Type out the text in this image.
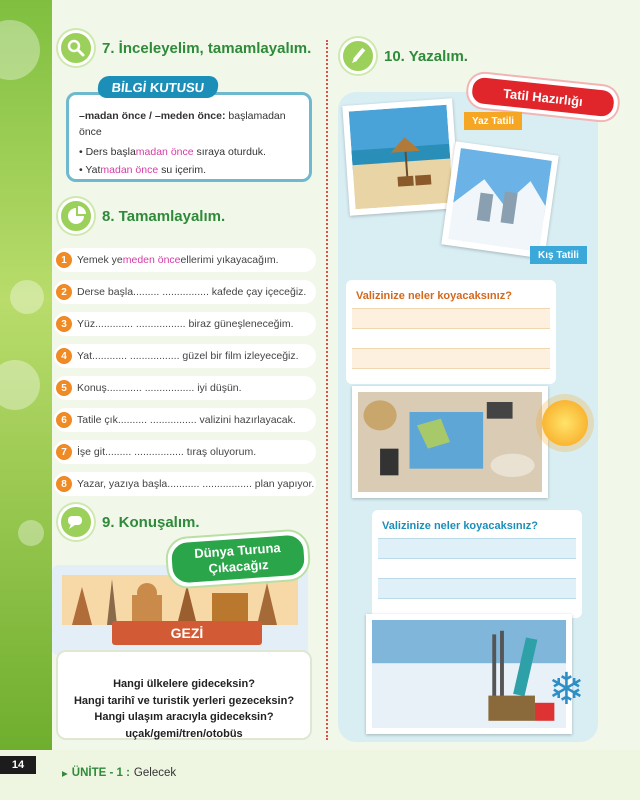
7. İnceleyelim, tamamlayalım.
–madan önce / –meden önce: başlamadan önce
• Ders başlamadan önce sıraya oturduk.
• Yatmadan önce su içerim.
BİLGİ KUTUSU
8. Tamamlayalım.
1 Yemek ye meden önce ellerimi yıkayacağım.
2 Derse başla......... ................ kafede çay içeceğiz.
3 Yüz............. ................. biraz güneşleneceğim.
4 Yat............ ................. güzel bir film izleyeceğiz.
5 Konuş............ ................. iyi düşün.
6 Tatile çık.......... ................ valizini hazırlayacak.
7 İşe git......... ................. tıraş oluyorum.
8 Yazar, yazıya başla........... ................. plan yapıyor.
9. Konuşalım.
GEZİ
Dünya Turuna Çıkacağız
Hangi ülkelere gideceksin?
Hangi tarihî ve turistik yerleri gezeceksin?
Hangi ulaşım aracıyla gideceksin?
uçak/gemi/tren/otobüs
10. Yazalım.
Tatil Hazırlığı
Yaz Tatili
Kış Tatili
Valizinize neler koyacaksınız?
Valizinize neler koyacaksınız?
❄
14
▸ ÜNİTE - 1 : Gelecek
